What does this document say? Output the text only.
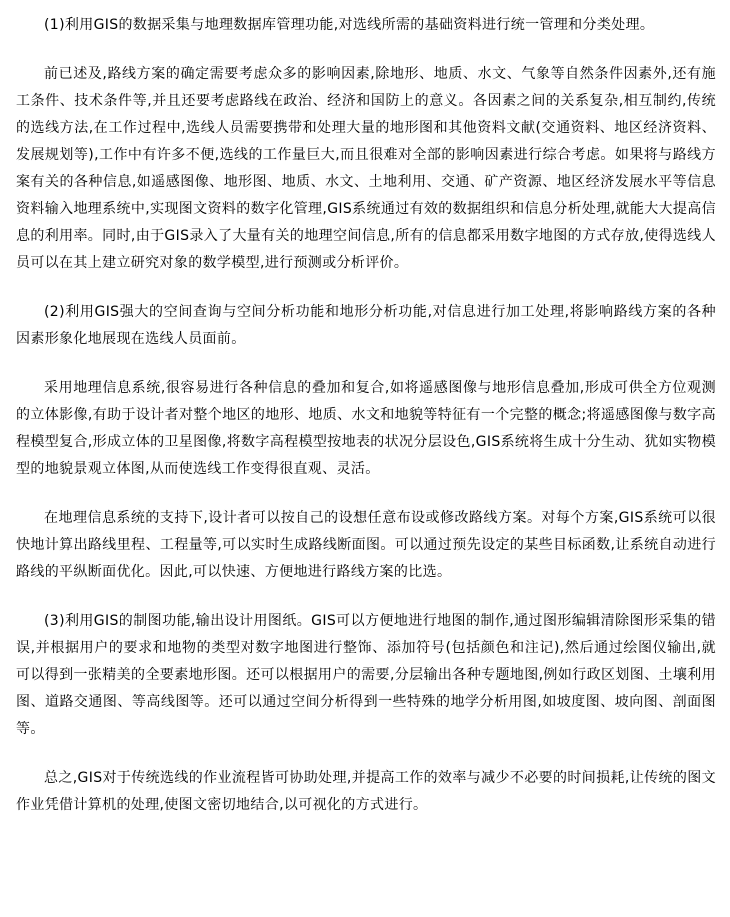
(1)利用GIS的数据采集与地理数据库管理功能,对选线所需的基础资料进行统一管理和分类处理。

前已述及,路线方案的确定需要考虑众多的影响因素,除地形、地质、水文、气象等自然条件因素外,还有施工条件、技术条件等,并且还要考虑路线在政治、经济和国防上的意义。各因素之间的关系复杂,相互制约,传统的选线方法,在工作过程中,选线人员需要携带和处理大量的地形图和其他资料文献(交通资料、地区经济资料、发展规划等),工作中有许多不便,选线的工作量巨大,而且很难对全部的影响因素进行综合考虑。如果将与路线方案有关的各种信息,如遥感图像、地形图、地质、水文、土地利用、交通、矿产资源、地区经济发展水平等信息资料输入地理系统中,实现图文资料的数字化管理,GIS系统通过有效的数据组织和信息分析处理,就能大大提高信息的利用率。同时,由于GIS录入了大量有关的地理空间信息,所有的信息都采用数字地图的方式存放,使得选线人员可以在其上建立研究对象的数学模型,进行预测或分析评价。

(2)利用GIS强大的空间查询与空间分析功能和地形分析功能,对信息进行加工处理,将影响路线方案的各种因素形象化地展现在选线人员面前。

采用地理信息系统,很容易进行各种信息的叠加和复合,如将遥感图像与地形信息叠加,形成可供全方位观测的立体影像,有助于设计者对整个地区的地形、地质、水文和地貌等特征有一个完整的概念;将遥感图像与数字高程模型复合,形成立体的卫星图像,将数字高程模型按地表的状况分层设色,GIS系统将生成十分生动、犹如实物模型的地貌景观立体图,从而使选线工作变得很直观、灵活。

在地理信息系统的支持下,设计者可以按自己的设想任意布设或修改路线方案。对每个方案,GIS系统可以很快地计算出路线里程、工程量等,可以实时生成路线断面图。可以通过预先设定的某些目标函数,让系统自动进行路线的平纵断面优化。因此,可以快速、方便地进行路线方案的比选。

(3)利用GIS的制图功能,输出设计用图纸。GIS可以方便地进行地图的制作,通过图形编辑清除图形采集的错误,并根据用户的要求和地物的类型对数字地图进行整饰、添加符号(包括颜色和注记),然后通过绘图仪输出,就可以得到一张精美的全要素地形图。还可以根据用户的需要,分层输出各种专题地图,例如行政区划图、土壤利用图、道路交通图、等高线图等。还可以通过空间分析得到一些特殊的地学分析用图,如坡度图、坡向图、剖面图等。

总之,GIS对于传统选线的作业流程皆可协助处理,并提高工作的效率与减少不必要的时间损耗,让传统的图文作业凭借计算机的处理,使图文密切地结合,以可视化的方式进行。
